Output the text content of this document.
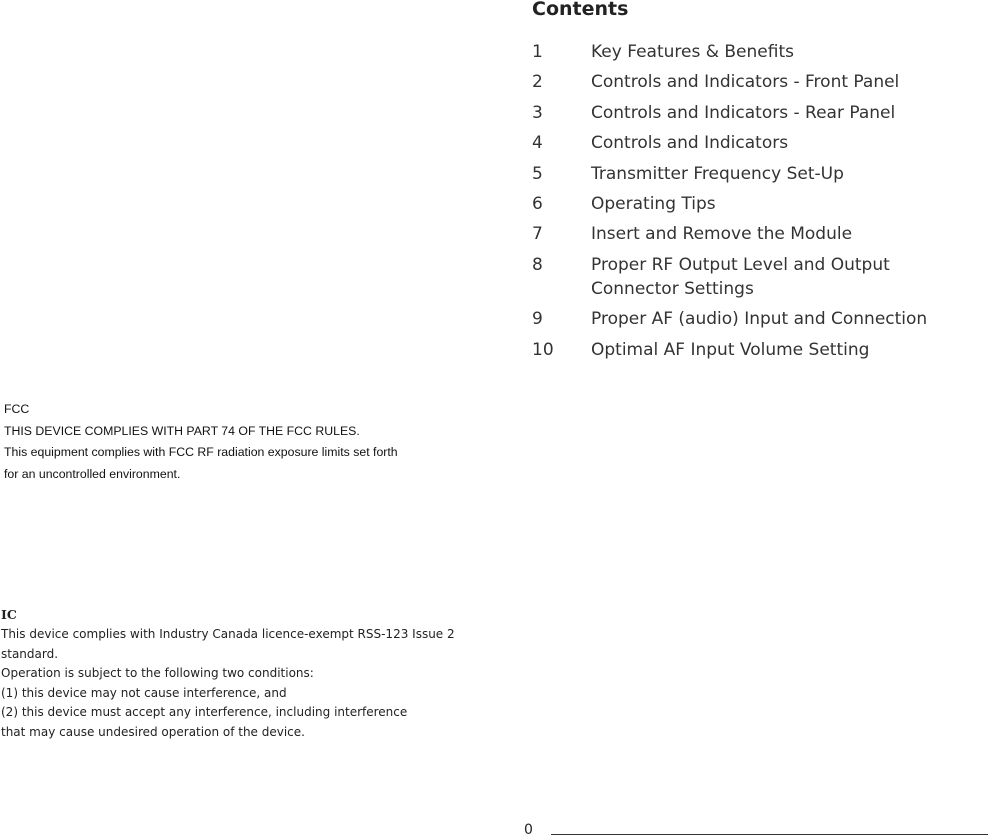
Contents
1	Key Features & Benefits
2	Controls and Indicators - Front Panel
3	Controls and Indicators - Rear Panel
4	Controls and Indicators
5	Transmitter Frequency Set-Up
6	Operating Tips
7	Insert and Remove the Module
8	Proper RF Output Level and Output Connector Settings
9	Proper AF (audio) Input and Connection
10	Optimal AF Input Volume Setting
FCC
THIS DEVICE COMPLIES WITH PART 74 OF THE FCC RULES.
This equipment complies with FCC RF radiation exposure limits set forth
for an uncontrolled environment.
IC
This device complies with Industry Canada licence-exempt RSS-123 Issue 2
standard.
Operation is subject to the following two conditions:
(1) this device may not cause interference, and
(2) this device must accept any interference, including interference
that may cause undesired operation of the device.
0
